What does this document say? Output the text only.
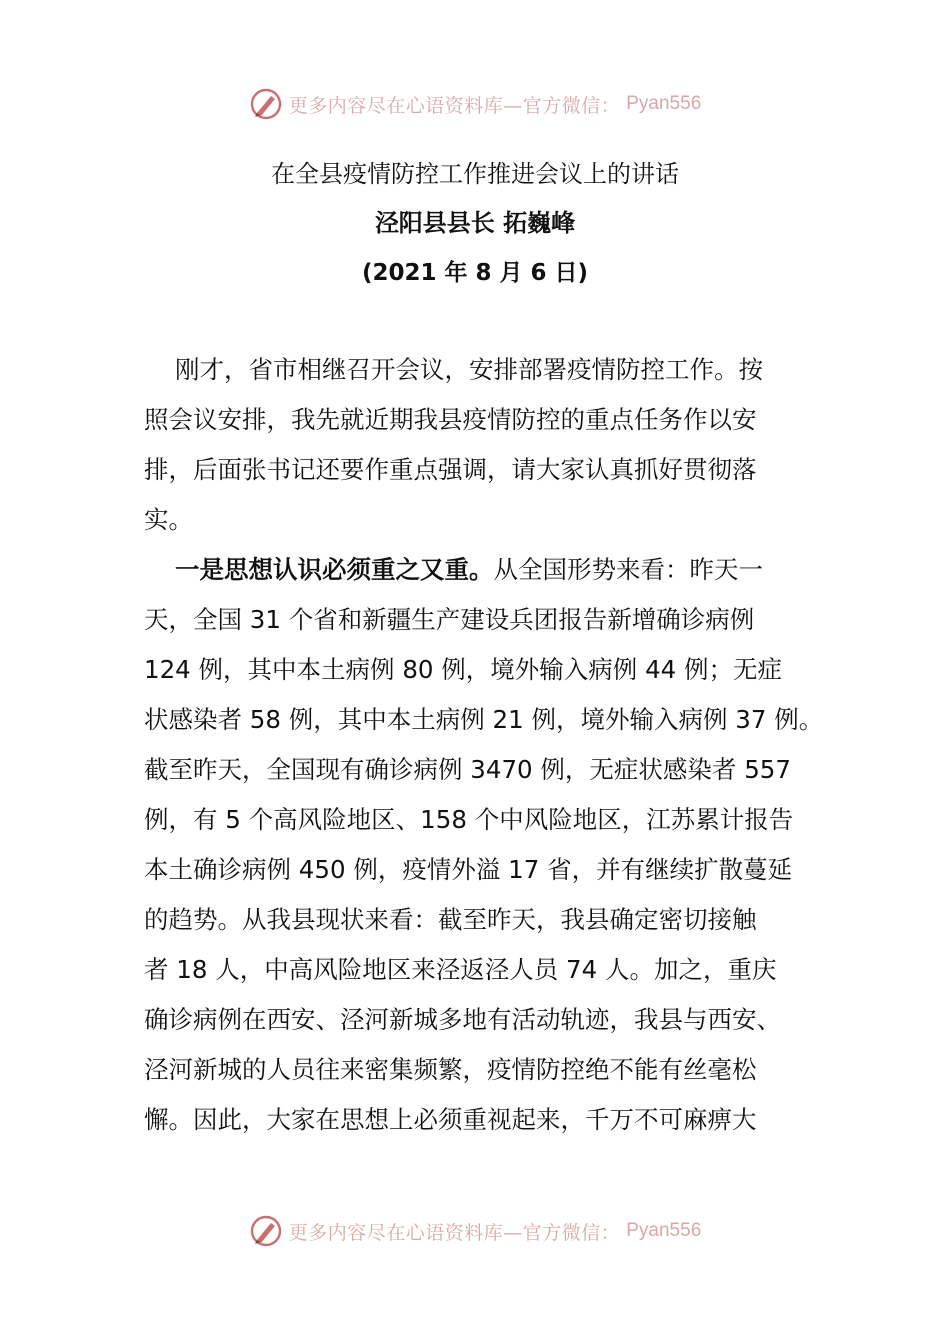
更多内容尽在心语资料库—官方微信： Pyan556
在全县疫情防控工作推进会议上的讲话
泾阳县县长 拓巍峰
(2021 年 8 月 6 日)
刚才，省市相继召开会议，安排部署疫情防控工作。按
照会议安排，我先就近期我县疫情防控的重点任务作以安
排，后面张书记还要作重点强调，请大家认真抓好贯彻落
实。
一是思想认识必须重之又重。从全国形势来看：昨天一
天，全国 31 个省和新疆生产建设兵团报告新增确诊病例
124 例，其中本土病例 80 例，境外输入病例 44 例；无症
状感染者 58 例，其中本土病例 21 例，境外输入病例 37 例。
截至昨天，全国现有确诊病例 3470 例，无症状感染者 557
例，有 5 个高风险地区、158 个中风险地区，江苏累计报告
本土确诊病例 450 例，疫情外溢 17 省，并有继续扩散蔓延
的趋势。从我县现状来看：截至昨天，我县确定密切接触
者 18 人，中高风险地区来泾返泾人员 74 人。加之，重庆
确诊病例在西安、泾河新城多地有活动轨迹，我县与西安、
泾河新城的人员往来密集频繁，疫情防控绝不能有丝毫松
懈。因此，大家在思想上必须重视起来，千万不可麻痹大
更多内容尽在心语资料库—官方微信： Pyan556
